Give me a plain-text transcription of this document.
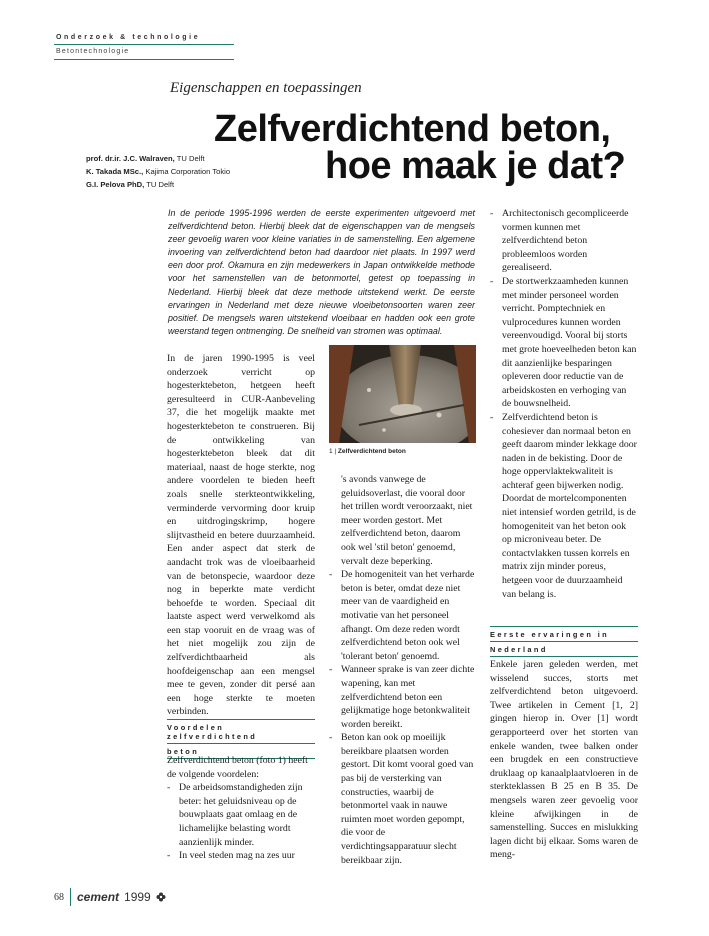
Onderzoek & technologie
Betontechnologie
Eigenschappen en toepassingen
Zelfverdichtend beton,
hoe maak je dat?
prof. dr.ir. J.C. Walraven, TU Delft
K. Takada MSc., Kajima Corporation Tokio
G.I. Pelova PhD, TU Delft
In de periode 1995-1996 werden de eerste experimenten uitgevoerd met zelfverdichtend beton. Hierbij bleek dat de eigenschappen van de mengsels zeer gevoelig waren voor kleine variaties in de samenstelling. Een algemene invoering van zelfverdichtend beton had daardoor niet plaats. In 1997 werd een door prof. Okamura en zijn medewerkers in Japan ontwikkelde methode voor het samenstellen van de betonmortel, getest op toepassing in Nederland. Hierbij bleek dat deze methode uitstekend werkt. De eerste ervaringen in Nederland met deze nieuwe vloeibetonsoorten waren zeer positief. De mengsels waren uitstekend vloeibaar en hadden ook een grote weerstand tegen ontmenging. De snelheid van stromen was optimaal.
In de jaren 1990-1995 is veel onderzoek verricht op hogesterktebeton, hetgeen heeft geresulteerd in CUR-Aanbeveling 37, die het mogelijk maakte met hogesterktebeton te construeren. Bij de ontwikkeling van hogesterktebeton bleek dat dit materiaal, naast de hoge sterkte, nog andere voordelen te bieden heeft zoals snelle sterkteontwikkeling, verminderde vervorming door kruip en uitdrogingskrimp, hogere slijtvastheid en betere duurzaamheid. Een ander aspect dat sterk de aandacht trok was de vloeibaarheid van de betonspecie, waardoor deze nog in beperkte mate verdicht behoefde te worden. Speciaal dit laatste aspect werd verwelkomd als een stap vooruit en de vraag was of het niet mogelijk zou zijn de zelfverdichtbaarheid als hoofdeigenschap aan een mengsel mee te geven, zonder dit persé aan een hoge sterkte te moeten verbinden.
Voordelen zelfverdichtend
beton
Zelfverdichtend beton (foto 1) heeft de volgende voordelen:
- De arbeidsomstandigheden zijn beter: het geluidsniveau op de bouwplaats gaat omlaag en de lichamelijke belasting wordt aanzienlijk minder.
- In veel steden mag na zes uur
1 | Zelfverdichtend beton
's avonds vanwege de geluidsoverlast, die vooral door het trillen wordt veroorzaakt, niet meer worden gestort. Met zelfverdichtend beton, daarom ook wel 'stil beton' genoemd, vervalt deze beperking.
- De homogeniteit van het verharde beton is beter, omdat deze niet meer van de vaardigheid en motivatie van het personeel afhangt. Om deze reden wordt zelfverdichtend beton ook wel 'tolerant beton' genoemd.
- Wanneer sprake is van zeer dichte wapening, kan met zelfverdichtend beton een gelijkmatige hoge betonkwaliteit worden bereikt.
- Beton kan ook op moeilijk bereikbare plaatsen worden gestort. Dit komt vooral goed van pas bij de versterking van constructies, waarbij de betonmortel vaak in nauwe ruimten moet worden gepompt, die voor de verdichtingsapparatuur slecht bereikbaar zijn.
- Architectonisch gecompliceerde vormen kunnen met zelfverdichtend beton probleemloos worden gerealiseerd.
- De stortwerkzaamheden kunnen met minder personeel worden verricht. Pomptechniek en vulprocedures kunnen worden vereenvoudigd. Vooral bij storts met grote hoeveelheden beton kan dit aanzienlijke besparingen opleveren door reductie van de arbeidskosten en verhoging van de bouwsnelheid.
- Zelfverdichtend beton is cohesiever dan normaal beton en geeft daarom minder lekkage door naden in de bekisting. Door de hoge oppervlaktekwaliteit is achteraf geen bijwerken nodig. Doordat de mortelcomponenten niet intensief worden getrild, is de homogeniteit van het beton ook op microniveau beter. De contactvlakken tussen korrels en matrix zijn minder poreus, hetgeen voor de duurzaamheid van belang is.
Eerste ervaringen in
Nederland
Enkele jaren geleden werden, met wisselend succes, storts met zelfverdichtend beton uitgevoerd. Twee artikelen in Cement [1, 2] gingen hierop in. Over [1] wordt gerapporteerd over het storten van enkele wanden, twee balken onder een brugdek en een constructieve druklaag op kanaalplaatvloeren in de sterkteklassen B 25 en B 35. De mengsels waren zeer gevoelig voor kleine afwijkingen in de samenstelling. Succes en mislukking lagen dicht bij elkaar. Soms waren de meng-
68 cement 1999
